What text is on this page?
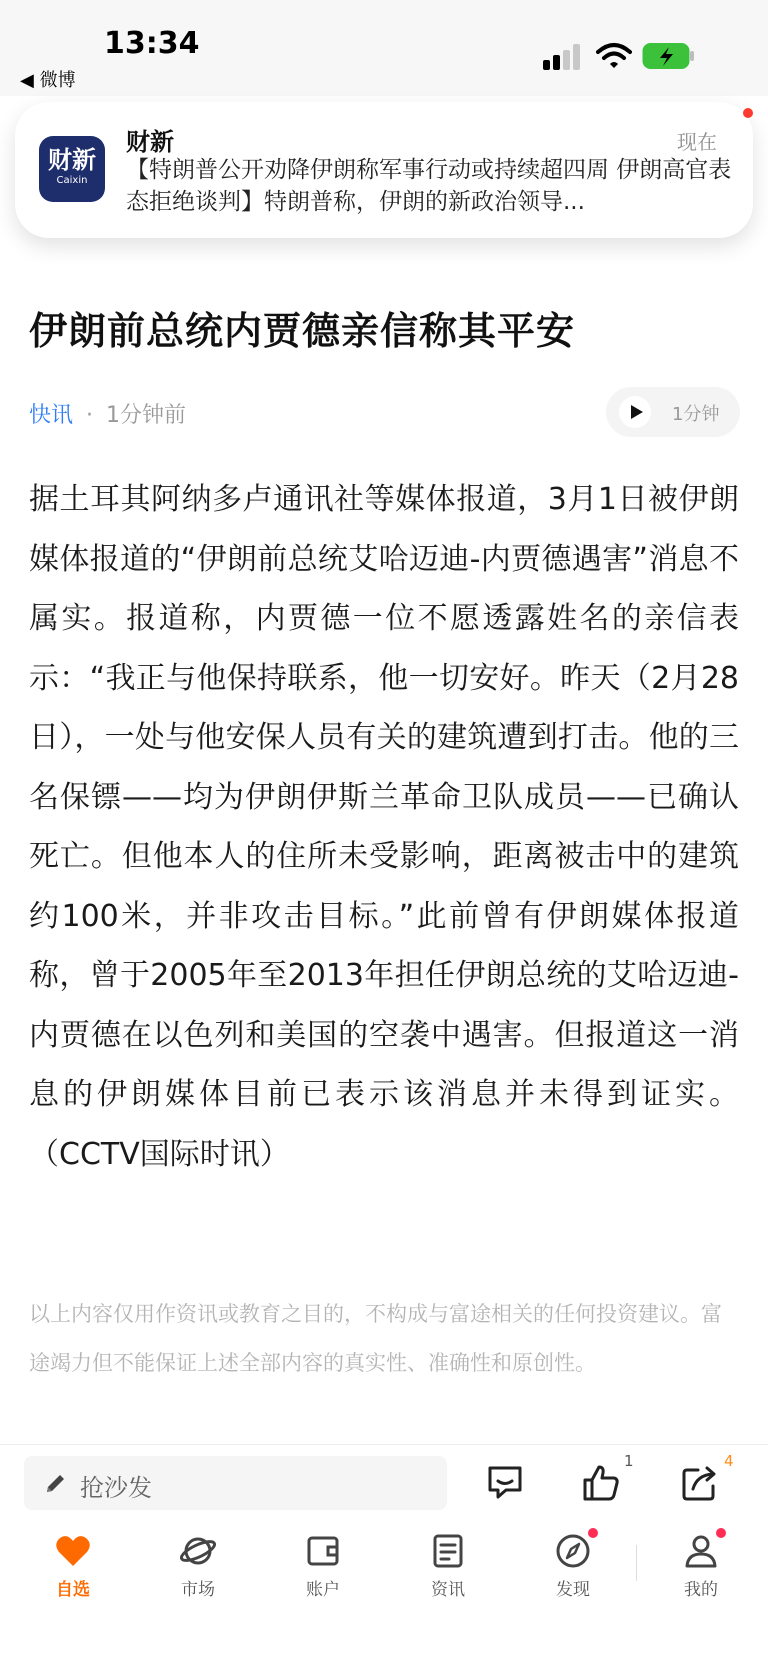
13:34
◀ 微博
财新
Caixin
财新	现在
【特朗普公开劝降伊朗称军事行动或持续超四周 伊朗高官表态拒绝谈判】特朗普称，伊朗的新政治领导...
伊朗前总统内贾德亲信称其平安
快讯 · 1分钟前	1分钟

据土耳其阿纳多卢通讯社等媒体报道，3月1日被伊朗媒体报道的“伊朗前总统艾哈迈迪-内贾德遇害”消息不属实。报道称，内贾德一位不愿透露姓名的亲信表示：“我正与他保持联系，他一切安好。昨天（2月28日），一处与他安保人员有关的建筑遭到打击。他的三名保镖——均为伊朗伊斯兰革命卫队成员——已确认死亡。但他本人的住所未受影响，距离被击中的建筑约100米，并非攻击目标。”此前曾有伊朗媒体报道称，曾于2005年至2013年担任伊朗总统的艾哈迈迪-内贾德在以色列和美国的空袭中遇害。但报道这一消息的伊朗媒体目前已表示该消息并未得到证实。（CCTV国际时讯）

以上内容仅用作资讯或教育之目的，不构成与富途相关的任何投资建议。富途竭力但不能保证上述全部内容的真实性、准确性和原创性。

抢沙发
1	4
自选	市场	账户	资讯	发现	我的
